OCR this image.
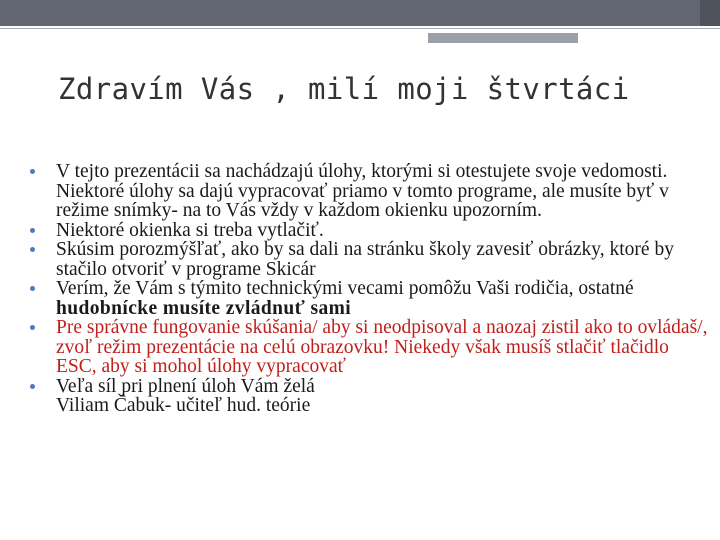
Zdravím Vás , milí moji štvrtáci
V tejto prezentácii sa nachádzajú úlohy, ktorými si otestujete svoje vedomosti. Niektoré úlohy sa dajú vypracovať priamo v tomto programe, ale musíte byť v režime snímky- na to Vás vždy v každom okienku upozorním.
Niektoré okienka si treba vytlačiť.
Skúsim porozmýšľať, ako by sa dali na stránku školy zavesiť obrázky, ktoré by stačilo otvoriť v programe Skicár
Verím, že Vám s týmito technickými vecami pomôžu Vaši rodičia, ostatné hudobnícke musíte zvládnuť sami
Pre správne fungovanie skúšania/ aby si neodpisoval a naozaj zistil ako to ovládaš/, zvoľ režim prezentácie na celú obrazovku! Niekedy však musíš stlačiť tlačidlo ESC, aby si mohol úlohy vypracovať
Veľa síl pri plnení úloh Vám želá
Viliam Čabuk- učiteľ hud. teórie
